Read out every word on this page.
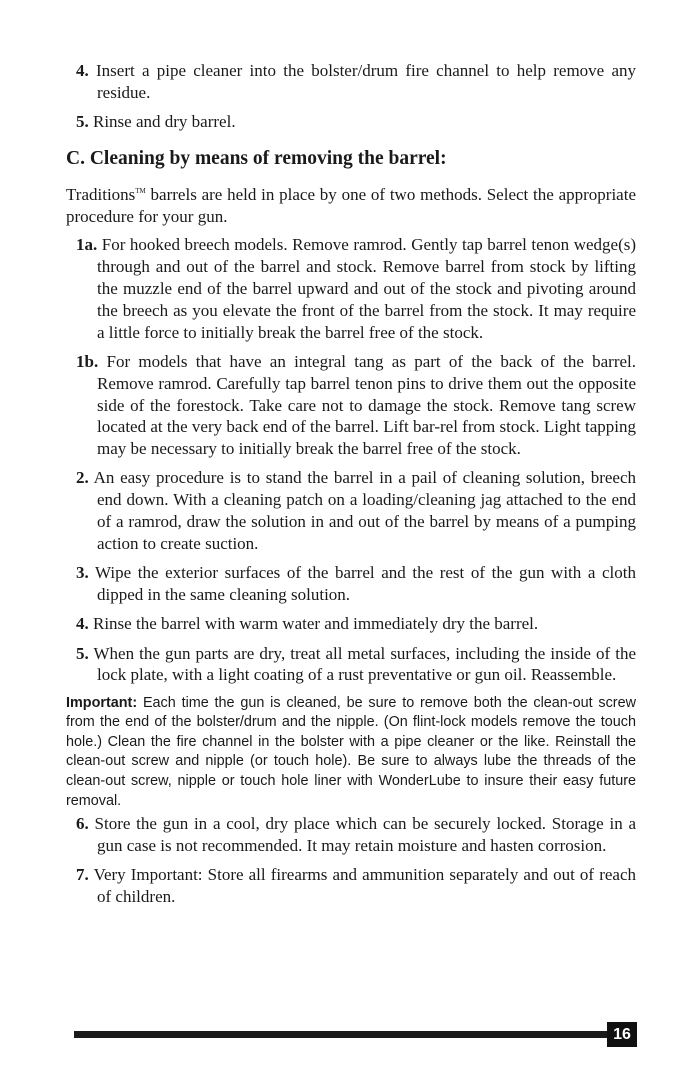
4. Insert a pipe cleaner into the bolster/drum fire channel to help remove any residue.

5. Rinse and dry barrel.

C. Cleaning by means of removing the barrel:

Traditions™ barrels are held in place by one of two methods. Select the appropriate procedure for your gun.

1a. For hooked breech models. Remove ramrod. Gently tap barrel tenon wedge(s) through and out of the barrel and stock. Remove barrel from stock by lifting the muzzle end of the barrel upward and out of the stock and pivoting around the breech as you elevate the front of the barrel from the stock. It may require a little force to initially break the barrel free of the stock.

1b. For models that have an integral tang as part of the back of the barrel. Remove ramrod. Carefully tap barrel tenon pins to drive them out the opposite side of the forestock. Take care not to damage the stock. Remove tang screw located at the very back end of the barrel. Lift bar-rel from stock. Light tapping may be necessary to initially break the barrel free of the stock.

2. An easy procedure is to stand the barrel in a pail of cleaning solution, breech end down. With a cleaning patch on a loading/cleaning jag attached to the end of a ramrod, draw the solution in and out of the barrel by means of a pumping action to create suction.

3. Wipe the exterior surfaces of the barrel and the rest of the gun with a cloth dipped in the same cleaning solution.

4. Rinse the barrel with warm water and immediately dry the barrel.

5. When the gun parts are dry, treat all metal surfaces, including the inside of the lock plate, with a light coating of a rust preventative or gun oil. Reassemble.

Important: Each time the gun is cleaned, be sure to remove both the clean-out screw from the end of the bolster/drum and the nipple. (On flint-lock models remove the touch hole.) Clean the fire channel in the bolster with a pipe cleaner or the like. Reinstall the clean-out screw and nipple (or touch hole). Be sure to always lube the threads of the clean-out screw, nipple or touch hole liner with WonderLube to insure their easy future removal.

6. Store the gun in a cool, dry place which can be securely locked. Storage in a gun case is not recommended. It may retain moisture and hasten corrosion.

7. Very Important: Store all firearms and ammunition separately and out of reach of children.

16
